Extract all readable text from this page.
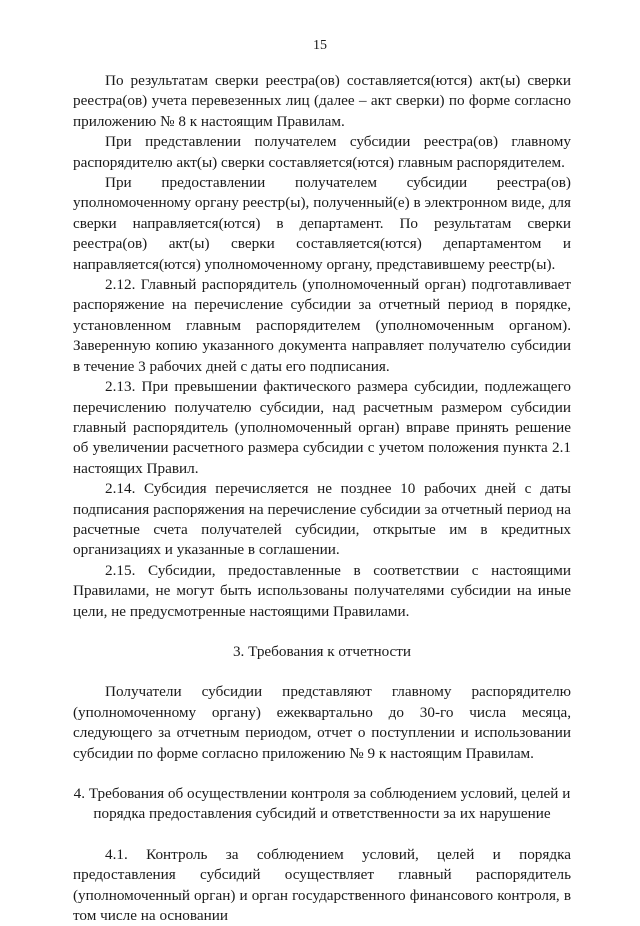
15

По результатам сверки реестра(ов) составляется(ются) акт(ы) сверки реестра(ов) учета перевезенных лиц (далее – акт сверки) по форме согласно приложению № 8 к настоящим Правилам.

При представлении получателем субсидии реестра(ов) главному распорядителю акт(ы) сверки составляется(ются) главным распорядителем.

При предоставлении получателем субсидии реестра(ов) уполномоченному органу реестр(ы), полученный(е) в электронном виде, для сверки направляется(ются) в департамент. По результатам сверки реестра(ов) акт(ы) сверки составляется(ются) департаментом и направляется(ются) уполномоченному органу, представившему реестр(ы).

2.12. Главный распорядитель (уполномоченный орган) подготавливает распоряжение на перечисление субсидии за отчетный период в порядке, установленном главным распорядителем (уполномоченным органом). Заверенную копию указанного документа направляет получателю субсидии в течение 3 рабочих дней с даты его подписания.

2.13. При превышении фактического размера субсидии, подлежащего перечислению получателю субсидии, над расчетным размером субсидии главный распорядитель (уполномоченный орган) вправе принять решение об увеличении расчетного размера субсидии с учетом положения пункта 2.1 настоящих Правил.

2.14. Субсидия перечисляется не позднее 10 рабочих дней с даты подписания распоряжения на перечисление субсидии за отчетный период на расчетные счета получателей субсидии, открытые им в кредитных организациях и указанные в соглашении.

2.15. Субсидии, предоставленные в соответствии с настоящими Правилами, не могут быть использованы получателями субсидии на иные цели, не предусмотренные настоящими Правилами.

3. Требования к отчетности

Получатели субсидии представляют главному распорядителю (уполномоченному органу) ежеквартально до 30-го числа месяца, следующего за отчетным периодом, отчет о поступлении и использовании субсидии по форме согласно приложению № 9 к настоящим Правилам.

4. Требования об осуществлении контроля за соблюдением условий, целей и

порядка предоставления субсидий и ответственности за их нарушение

4.1. Контроль за соблюдением условий, целей и порядка предоставления субсидий осуществляет главный распорядитель (уполномоченный орган) и орган государственного финансового контроля, в том числе на основании
